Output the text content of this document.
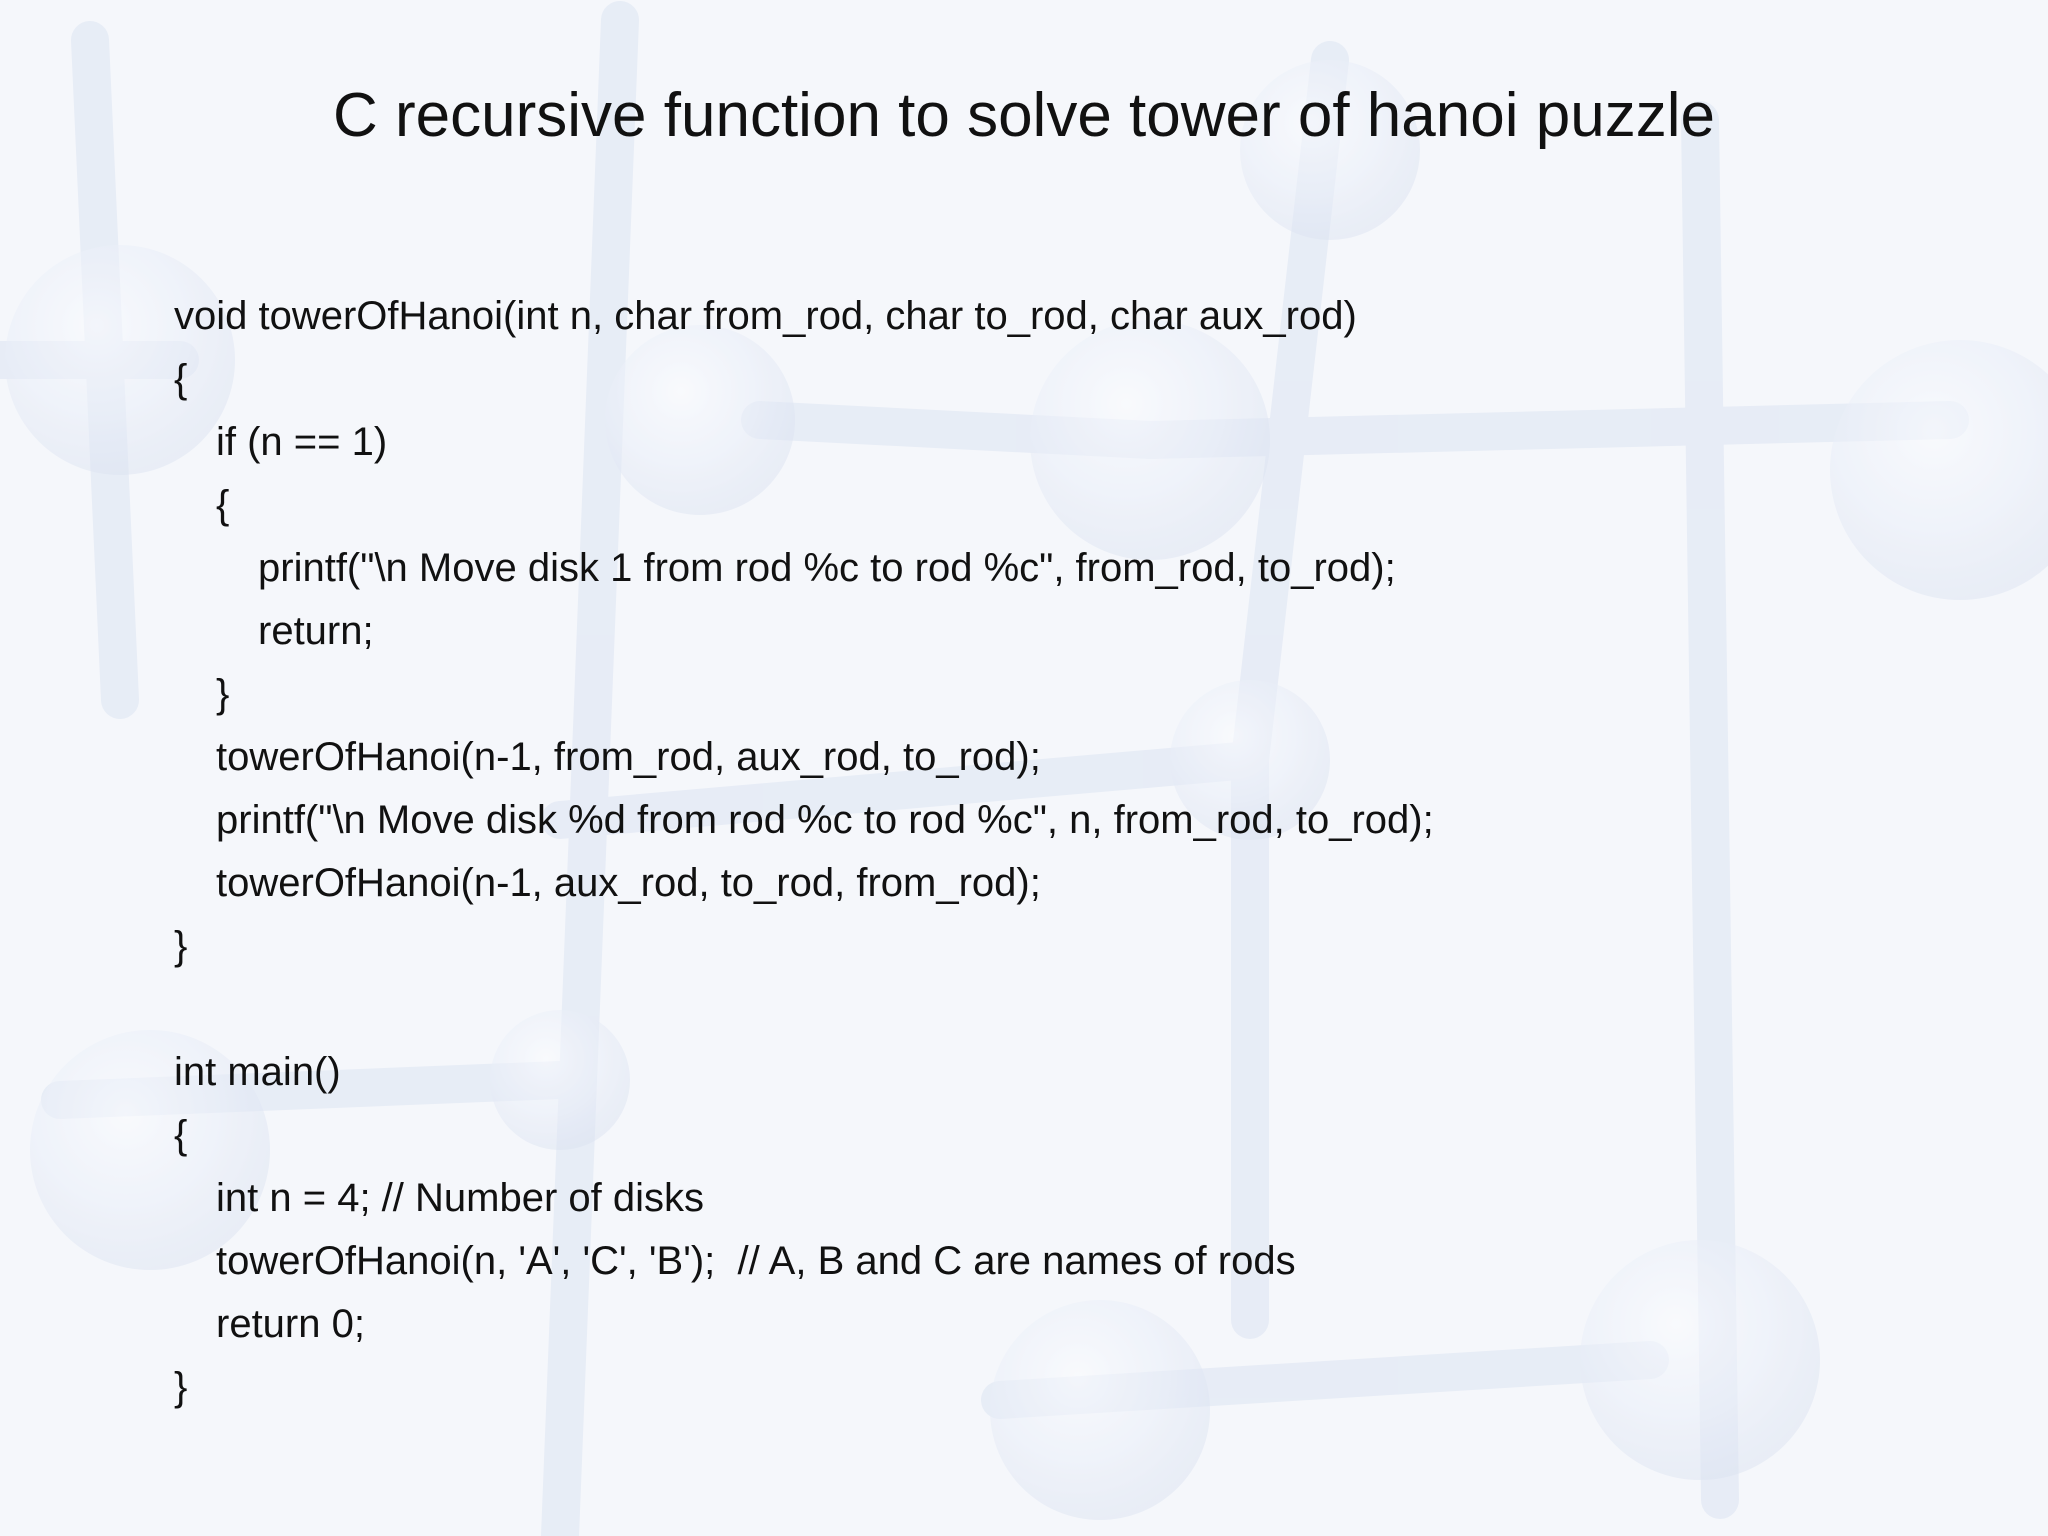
C recursive function to solve tower of hanoi puzzle
void towerOfHanoi(int n, char from_rod, char to_rod, char aux_rod)
{
if (n == 1)
{
printf("\n Move disk 1 from rod %c to rod %c", from_rod, to_rod);
return;
}
towerOfHanoi(n-1, from_rod, aux_rod, to_rod);
printf("\n Move disk %d from rod %c to rod %c", n, from_rod, to_rod);
towerOfHanoi(n-1, aux_rod, to_rod, from_rod);
}
int main()
{
int n = 4; // Number of disks
towerOfHanoi(n, 'A', 'C', 'B');  // A, B and C are names of rods
return 0;
}
